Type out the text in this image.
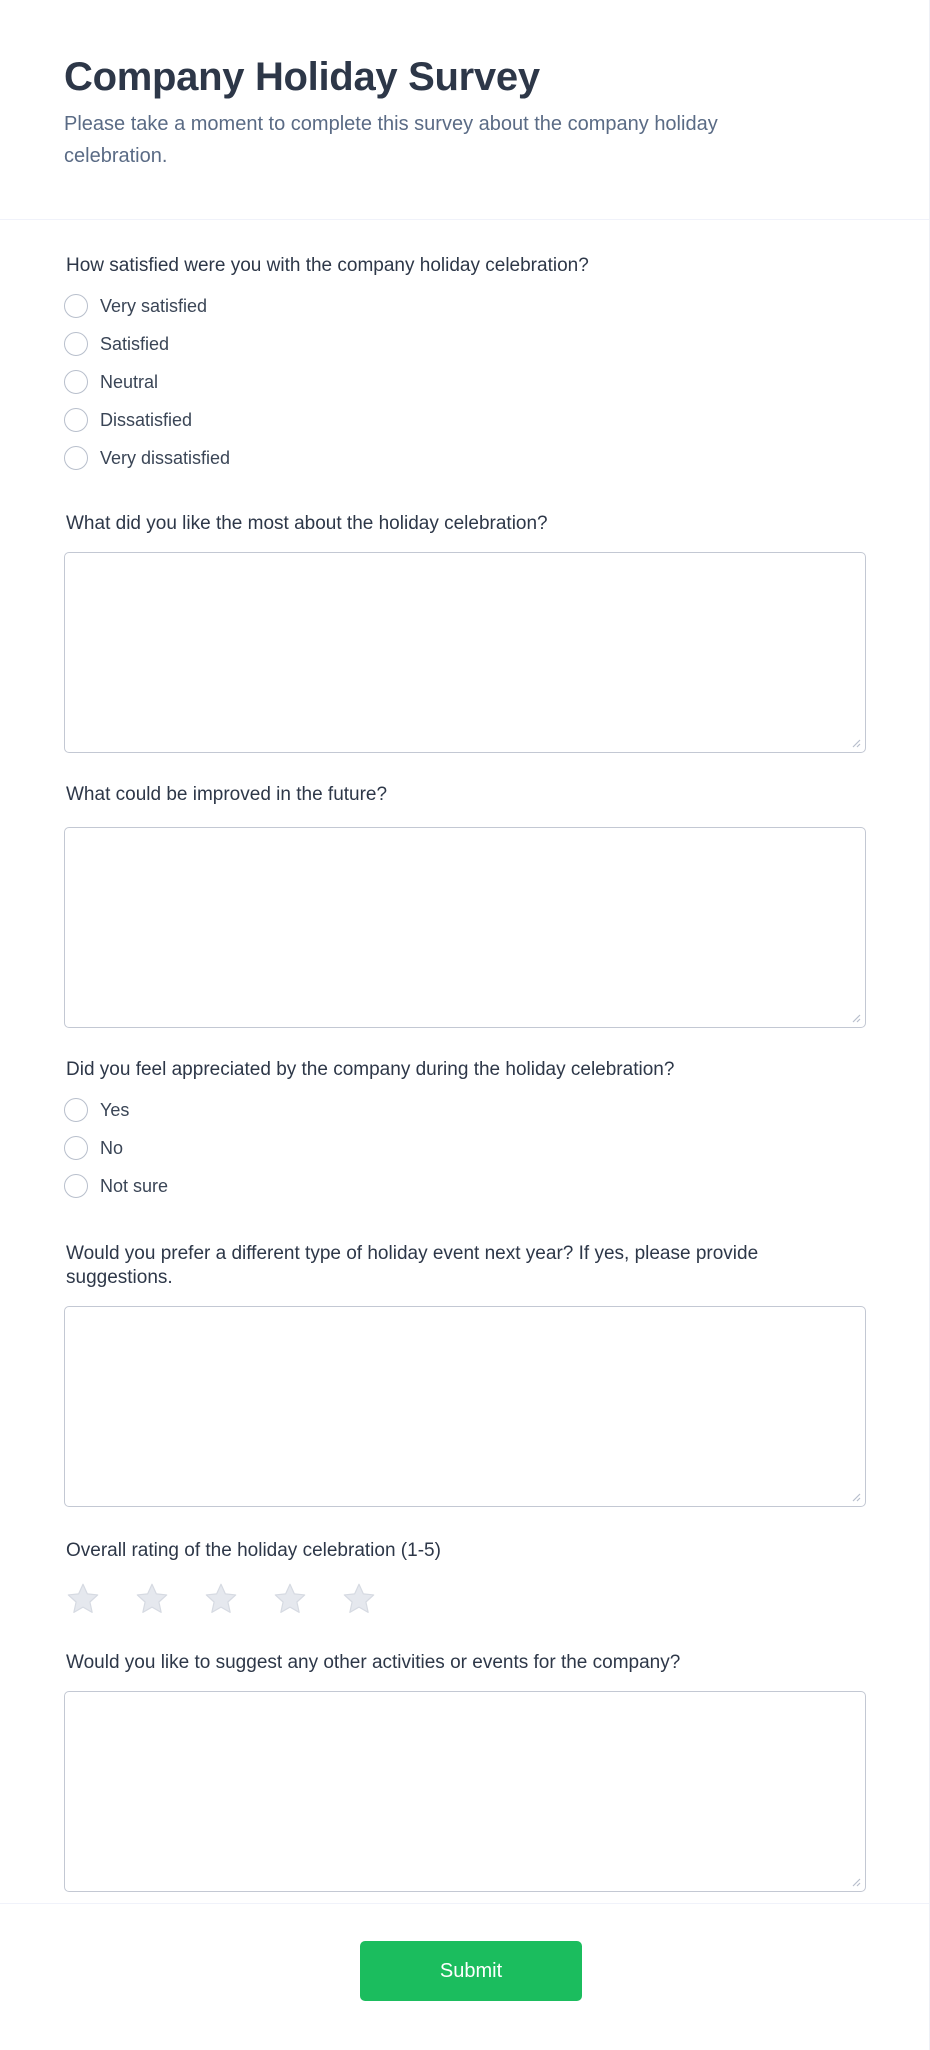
Company Holiday Survey

Please take a moment to complete this survey about the company holiday celebration.

How satisfied were you with the company holiday celebration?
Very satisfied
Satisfied
Neutral
Dissatisfied
Very dissatisfied
What did you like the most about the holiday celebration?
What could be improved in the future?
Did you feel appreciated by the company during the holiday celebration?
Yes
No
Not sure
Would you prefer a different type of holiday event next year? If yes, please provide suggestions.
Overall rating of the holiday celebration (1-5)
Would you like to suggest any other activities or events for the company?
Submit
